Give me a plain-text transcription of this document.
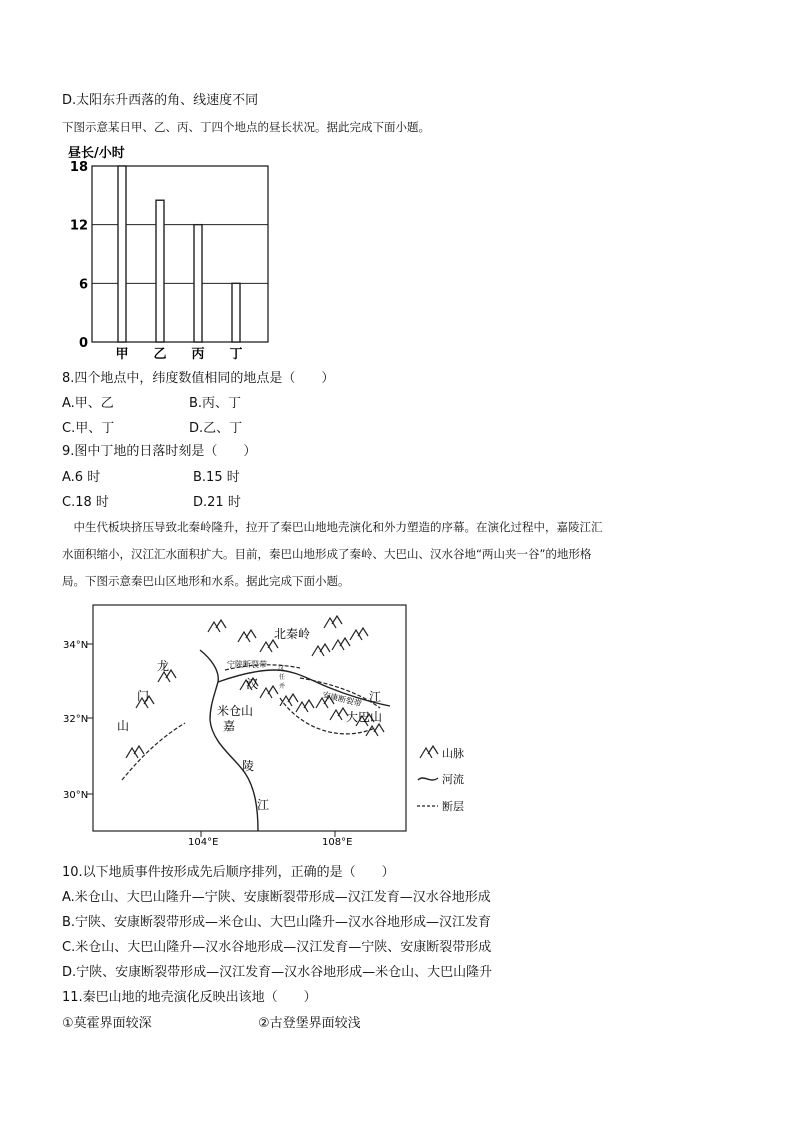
D.太阳东升西落的角、线速度不同
下图示意某日甲、乙、丙、丁四个地点的昼长状况。据此完成下面小题。
昼长/小时
0
6
12
18
甲 乙 丙 丁
8.四个地点中，纬度数值相同的地点是（　　）
A.甲、乙	B.丙、丁
C.甲、丁	D.乙、丁
9.图中丁地的日落时刻是（　　）
A.6 时	B.15 时
C.18 时	D.21 时

　中生代板块挤压导致北秦岭隆升，拉开了秦巴山地地壳演化和外力塑造的序幕。在演化过程中，嘉陵江汇

水面积缩小，汉江汇水面积扩大。目前，秦巴山地形成了秦岭、大巴山、汉水谷地“两山夹一谷”的地形格

局。下图示意秦巴山区地形和水系。据此完成下面小题。

34°N
32°N
30°N
104°E	108°E
北秦岭
龙
门
山
宁陕断裂带
安康断裂带
汉
江
汉
任
并
米仓山	大巴山
嘉
陵
江
山脉
河流
断层
10.以下地质事件按形成先后顺序排列，正确的是（　　）
A.米仓山、大巴山隆升—宁陕、安康断裂带形成—汉江发育—汉水谷地形成
B.宁陕、安康断裂带形成—米仓山、大巴山隆升—汉水谷地形成—汉江发育
C.米仓山、大巴山隆升—汉水谷地形成—汉江发育—宁陕、安康断裂带形成
D.宁陕、安康断裂带形成—汉江发育—汉水谷地形成—米仓山、大巴山隆升
11.秦巴山地的地壳演化反映出该地（　　）
①莫霍界面较深	②古登堡界面较浅
